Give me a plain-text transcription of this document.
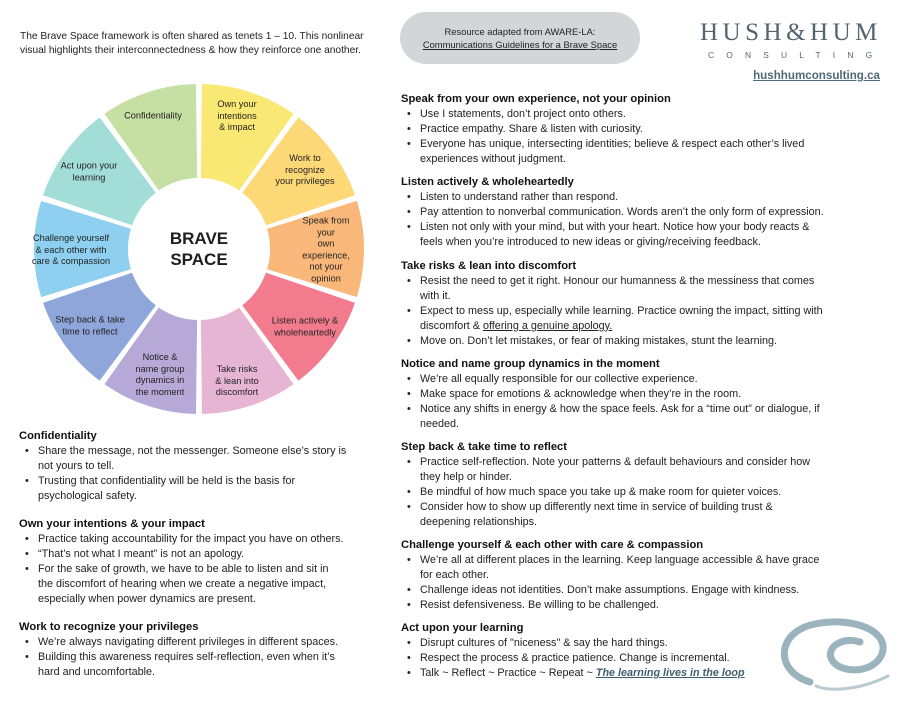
The Brave Space framework is often shared as tenets 1 – 10. This nonlinear
visual highlights their interconnectedness & how they reinforce one another.
Resource adapted from AWARE-LA:
Communications Guidelines for a Brave Space	HUSH&HUM
CONSULTING
hushhumconsulting.ca
Confidentiality
Own your
intentions
& impact
Work to
recognize
your privileges
Speak from your
own experience,
not your opinion
Listen actively &
wholeheartedly
Take risks
& lean into
discomfort
Notice &
name group
dynamics in
the moment
Step back & take
time to reflect
Challenge yourself
& each other with
care & compassion
Act upon your
learning
BRAVE
SPACE
Confidentiality
• Share the message, not the messenger. Someone else’s story is
not yours to tell.
• Trusting that confidentiality will be held is the basis for
psychological safety.
Own your intentions & your impact
• Practice taking accountability for the impact you have on others.
• “That’s not what I meant” is not an apology.
• For the sake of growth, we have to be able to listen and sit in
the discomfort of hearing when we create a negative impact,
especially when power dynamics are present.
Work to recognize your privileges
• We’re always navigating different privileges in different spaces.
• Building this awareness requires self-reflection, even when it’s
hard and uncomfortable.
Speak from your own experience, not your opinion
• Use I statements, don’t project onto others.
• Practice empathy. Share & listen with curiosity.
• Everyone has unique, intersecting identities; believe & respect each other’s lived
experiences without judgment.
Listen actively & wholeheartedly
• Listen to understand rather than respond.
• Pay attention to nonverbal communication. Words aren’t the only form of expression.
• Listen not only with your mind, but with your heart. Notice how your body reacts &
feels when you’re introduced to new ideas or giving/receiving feedback.
Take risks & lean into discomfort
• Resist the need to get it right. Honour our humanness & the messiness that comes
with it.
• Expect to mess up, especially while learning. Practice owning the impact, sitting with
discomfort & offering a genuine apology.
• Move on. Don’t let mistakes, or fear of making mistakes, stunt the learning.
Notice and name group dynamics in the moment
• We’re all equally responsible for our collective experience.
• Make space for emotions & acknowledge when they’re in the room.
• Notice any shifts in energy & how the space feels. Ask for a “time out” or dialogue, if
needed.
Step back & take time to reflect
• Practice self-reflection. Note your patterns & default behaviours and consider how
they help or hinder.
• Be mindful of how much space you take up & make room for quieter voices.
• Consider how to show up differently next time in service of building trust &
deepening relationships.
Challenge yourself & each other with care & compassion
• We’re all at different places in the learning. Keep language accessible & have grace
for each other.
• Challenge ideas not identities. Don’t make assumptions. Engage with kindness.
• Resist defensiveness. Be willing to be challenged.
Act upon your learning
• Disrupt cultures of "niceness" & say the hard things.
• Respect the process & practice patience. Change is incremental.
• Talk ~ Reflect ~ Practice ~ Repeat ~ The learning lives in the loop
